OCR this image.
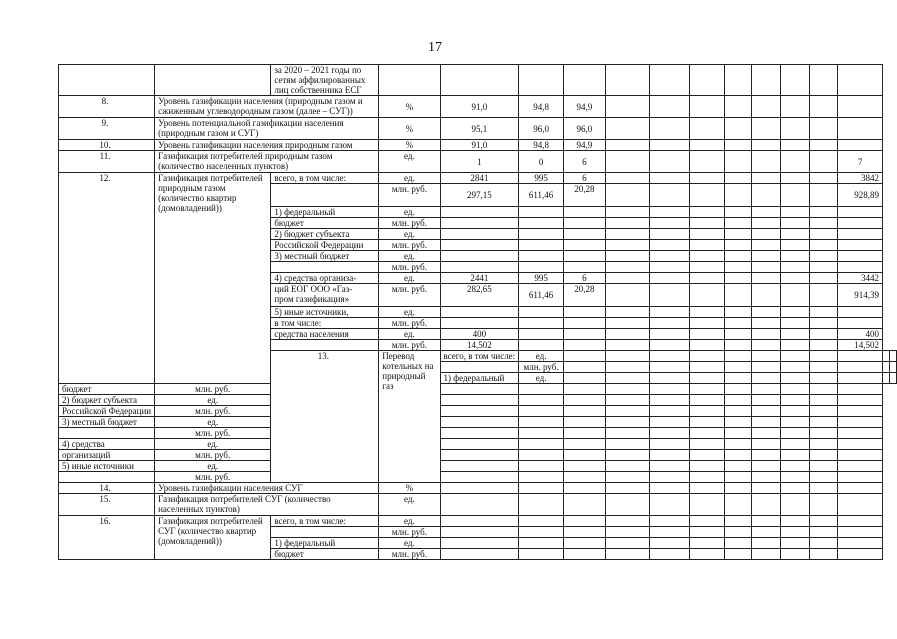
17
		за 2020 – 2021 годы по сетям аффилированных лиц собственника ЕСГ														
8.	Уровень газификации населения (природным газом и сжиженным углеводородным газом (далее – СУГ))		%	91,0	94,8	94,9										
9.	Уровень потенциальной газификации населения (природным газом и СУГ)		%	95,1	96,0	96,0										
10.	Уровень газификации населения природным газом		%	91,0	94,8	94,9										
11.	Газификация потребителей природным газом (количество населенных пунктов)		ед.	1	0	6								7		
12.	Газификация потребителей природным газом (количество квартир (домовладений))	всего, в том числе:	ед.	2841	995	6								3842		
			млн. руб.	297,15	611,46	20,28								928,89		
		1) федеральный	ед.													
		бюджет	млн. руб.													
		2) бюджет субъекта	ед.													
		Российской Федерации	млн. руб.													
		3) местный бюджет	ед.													
			млн. руб.													
		4) средства организа-	ед.	2441	995	6								3442		
		ций ЕОГ ООО «Газ-
пром газификация»	млн. руб.	282,65	611,46	20,28								914,39		
		5) иные источники,	ед.													
		в том числе:	млн. руб.													
		средства населения	ед.	400										400		
			млн. руб.	14,502										14,502		
		13.	Перевод котельных на природный газ	всего, в том числе:	ед.											
					млн. руб.											
				1) федеральный	ед.											
бюджет	млн. руб.															
2) бюджет субъекта	ед.															
Российской Федерации	млн. руб.															
3) местный бюджет	ед.															
	млн. руб.															
4) средства	ед.															
организаций	млн. руб.															
5) иные источники	ед.															
	млн. руб.															
14.	Уровень газификации населения СУГ		%													
15.	Газификация потребителей СУГ (количество населенных пунктов)		ед.													
16.	Газификация потребителей СУГ (количество квартир (домовладений))	всего, в том числе:	ед.													
			млн. руб.													
		1) федеральный	ед.													
		бюджет	млн. руб.													
